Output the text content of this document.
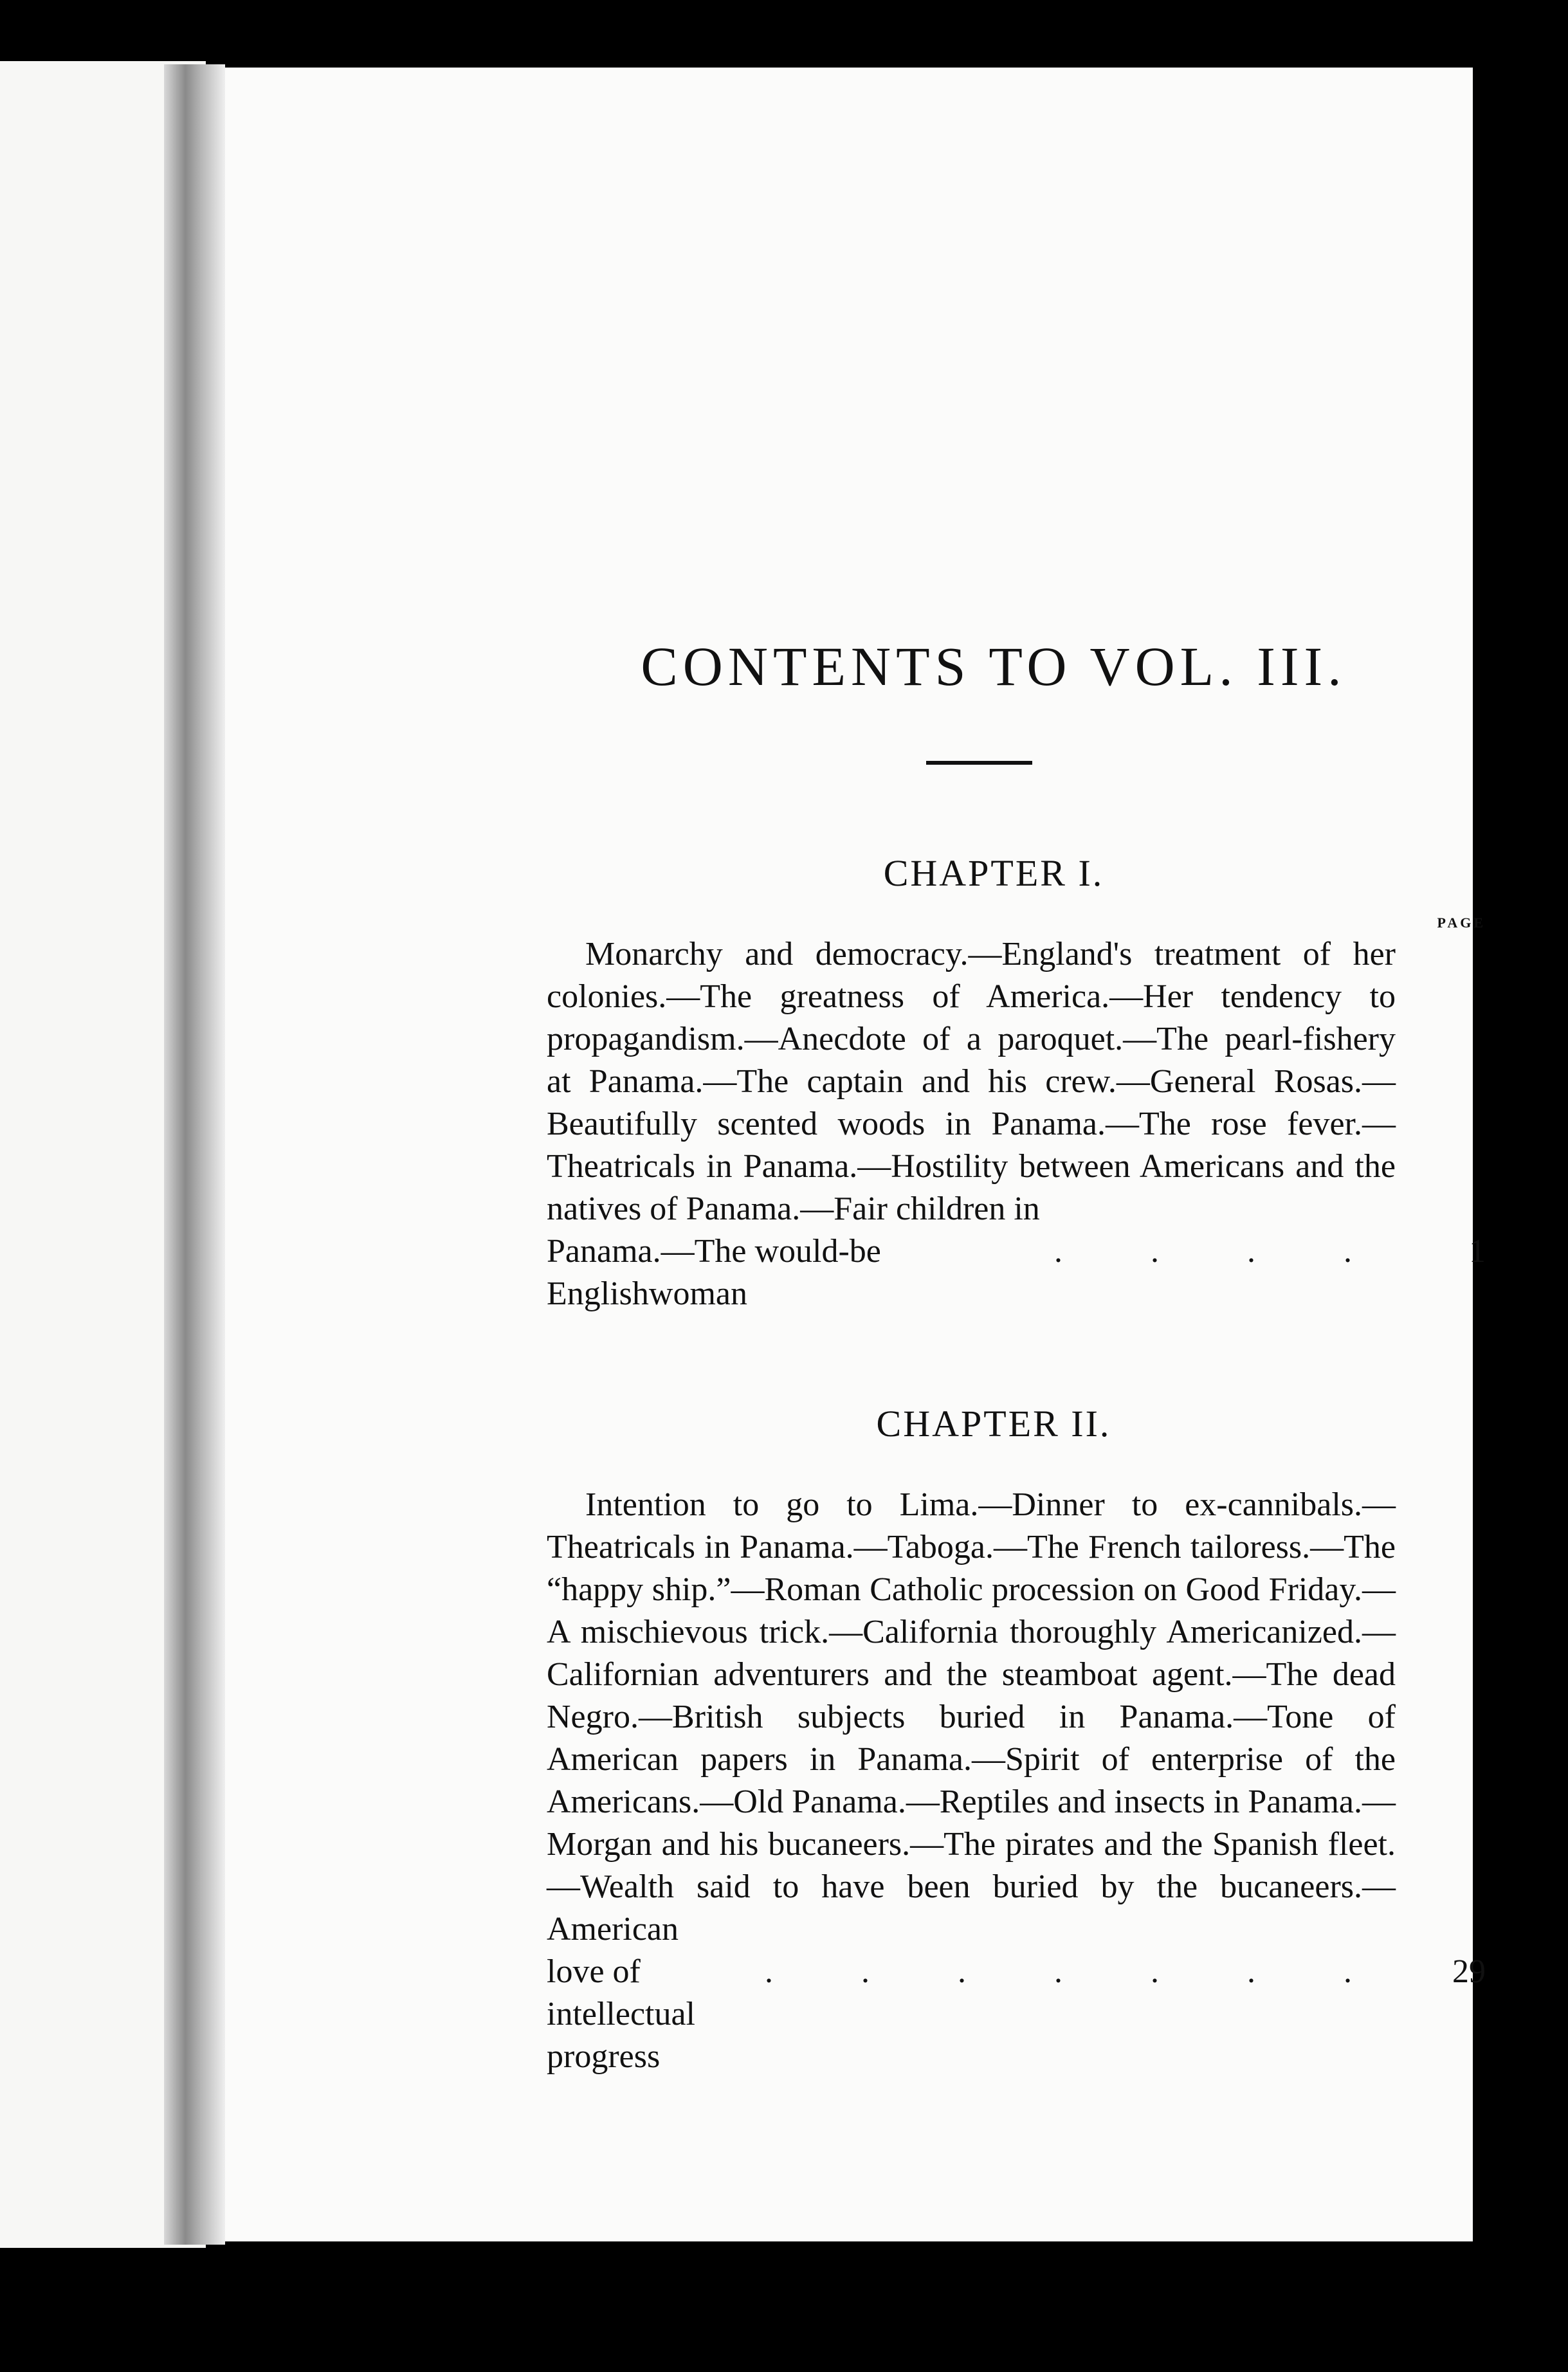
CONTENTS TO VOL. III.
CHAPTER I.
PAGE

Monarchy and democracy.—England's treatment of her colonies.—The greatness of America.—Her tendency to propagandism.—Anecdote of a paroquet.—The pearl-fishery at Panama.—The captain and his crew.—General Rosas.—Beautifully scented woods in Panama.—The rose fever.—Theatricals in Panama.—Hostility between Americans and the natives of Panama.—Fair children in

Panama.—The would-be Englishwoman
. . . . 1
CHAPTER II.

Intention to go to Lima.—Dinner to ex-cannibals.—Theatricals in Panama.—Taboga.—The French tailoress.—The “happy ship.”—Roman Catholic procession on Good Friday.—A mischievous trick.—California thoroughly Americanized.—Californian adventurers and the steamboat agent.—The dead Negro.—British subjects buried in Panama.—Tone of American papers in Panama.—Spirit of enterprise of the Americans.—Old Panama.—Reptiles and insects in Panama.—Morgan and his bucaneers.—The pirates and the Spanish fleet.—Wealth said to have been buried by the bucaneers.—American

love of intellectual progress
. . . . . . . 29
